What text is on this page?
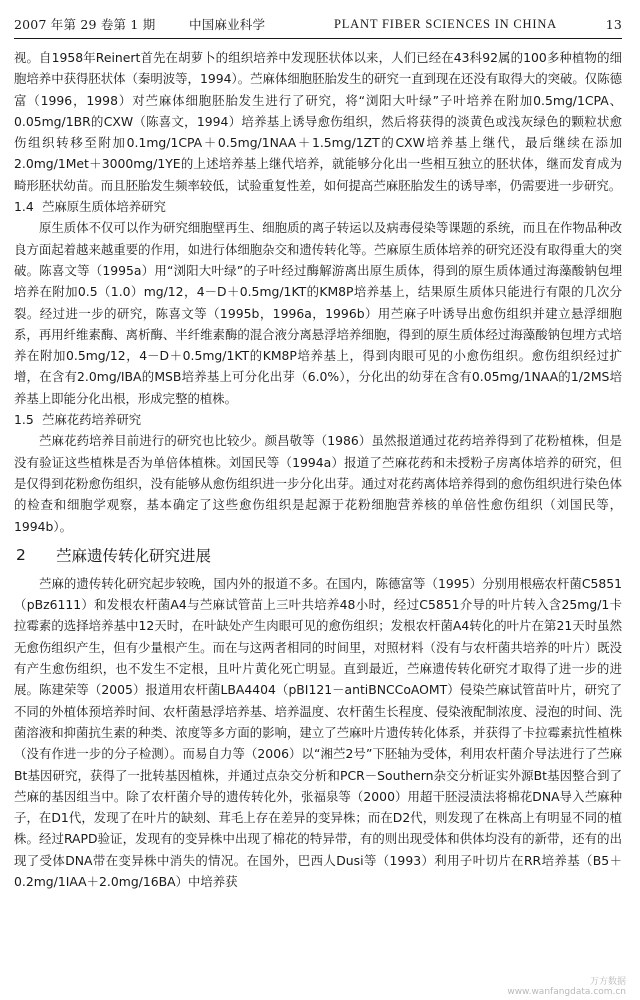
2007 年第 29 卷第 1 期	中国麻业科学	PLANT FIBER SCIENCES IN CHINA	13

视。自1958年Reinert首先在胡萝卜的组织培养中发现胚状体以来，人们已经在43科92属的100多种植物的细胞培养中获得胚状体（秦明波等，1994）。苎麻体细胞胚胎发生的研究一直到现在还没有取得大的突破。仅陈德富（1996，1998）对苎麻体细胞胚胎发生进行了研究，将“浏阳大叶绿”子叶培养在附加0.5mg/1CPA、0.05mg/1BR的CXW（陈喜文，1994）培养基上诱导愈伤组织，然后将获得的淡黄色或浅灰绿色的颗粒状愈伤组织转移至附加0.1mg/1CPA＋0.5mg/1NAA＋1.5mg/1ZT的CXW培养基上继代，最后继续在添加2.0mg/1Met＋3000mg/1YE的上述培养基上继代培养，就能够分化出一些相互独立的胚状体，继而发育成为畸形胚状幼苗。而且胚胎发生频率较低，试验重复性差，如何提高苎麻胚胎发生的诱导率，仍需要进一步研究。

1.4 苎麻原生质体培养研究

原生质体不仅可以作为研究细胞壁再生、细胞质的离子转运以及病毒侵染等课题的系统，而且在作物品种改良方面起着越来越重要的作用，如进行体细胞杂交和遗传转化等。苎麻原生质体培养的研究还没有取得重大的突破。陈喜文等（1995a）用“浏阳大叶绿”的子叶经过酶解游离出原生质体，得到的原生质体通过海藻酸钠包埋培养在附加0.5（1.0）mg/12，4－D＋0.5mg/1KT的KM8P培养基上，结果原生质体只能进行有限的几次分裂。经过进一步的研究，陈喜文等（1995b，1996a，1996b）用苎麻子叶诱导出愈伤组织并建立悬浮细胞系，再用纤维素酶、离析酶、半纤维素酶的混合液分离悬浮培养细胞，得到的原生质体经过海藻酸钠包埋方式培养在附加0.5mg/12，4－D＋0.5mg/1KT的KM8P培养基上，得到肉眼可见的小愈伤组织。愈伤组织经过扩增，在含有2.0mg/IBA的MSB培养基上可分化出芽（6.0%），分化出的幼芽在含有0.05mg/1NAA的1/2MS培养基上即能分化出根，形成完整的植株。

1.5 苎麻花药培养研究

苎麻花药培养目前进行的研究也比较少。颜昌敬等（1986）虽然报道通过花药培养得到了花粉植株，但是没有验证这些植株是否为单倍体植株。刘国民等（1994a）报道了苎麻花药和未授粉子房离体培养的研究，但是仅得到花粉愈伤组织，没有能够从愈伤组织进一步分化出芽。通过对花药离体培养得到的愈伤组织进行染色体的检查和细胞学观察，基本确定了这些愈伤组织是起源于花粉细胞营养核的单倍性愈伤组织（刘国民等，1994b）。

2	苎麻遗传转化研究进展

苎麻的遗传转化研究起步较晚，国内外的报道不多。在国内，陈德富等（1995）分别用根癌农杆菌C5851（pBz6111）和发根农杆菌A4与苎麻试管苗上三叶共培养48小时，经过C5851介导的叶片转入含25mg/1卡拉霉素的选择培养基中12天时，在叶缺处产生肉眼可见的愈伤组织；发根农杆菌A4转化的叶片在第21天时虽然无愈伤组织产生，但有少量根产生。而在与这两者相同的时间里，对照材料（没有与农杆菌共培养的叶片）既没有产生愈伤组织，也不发生不定根，且叶片黄化死亡明显。直到最近，苎麻遗传转化研究才取得了进一步的进展。陈建荣等（2005）报道用农杆菌LBA4404（pBI121－antiBNCCoAOMT）侵染苎麻试管苗叶片，研究了不同的外植体预培养时间、农杆菌悬浮培养基、培养温度、农杆菌生长程度、侵染液配制浓度、浸泡的时间、洗菌溶液和抑菌抗生素的种类、浓度等多方面的影响，建立了苎麻叶片遗传转化体系，并获得了卡拉霉素抗性植株（没有作进一步的分子检测）。而易自力等（2006）以“湘苎2号”下胚轴为受体，利用农杆菌介导法进行了苎麻Bt基因研究，获得了一批转基因植株，并通过点杂交分析和PCR－Southern杂交分析证实外源Bt基因整合到了苎麻的基因组当中。除了农杆菌介导的遗传转化外，张福泉等（2000）用超干胚浸渍法将棉花DNA导入苎麻种子，在D1代，发现了在叶片的缺刻、茸毛上存在差异的变异株；而在D2代，则发现了在株高上有明显不同的植株。经过RAPD验证，发现有的变异株中出现了棉花的特异带，有的则出现受体和供体均没有的新带，还有的出现了受体DNA带在变异株中消失的情况。在国外，巴西人Dusi等（1993）利用子叶切片在RR培养基（B5＋0.2mg/1IAA＋2.0mg/16BA）中培养获

万方数据
www.wanfangdata.com.cn
